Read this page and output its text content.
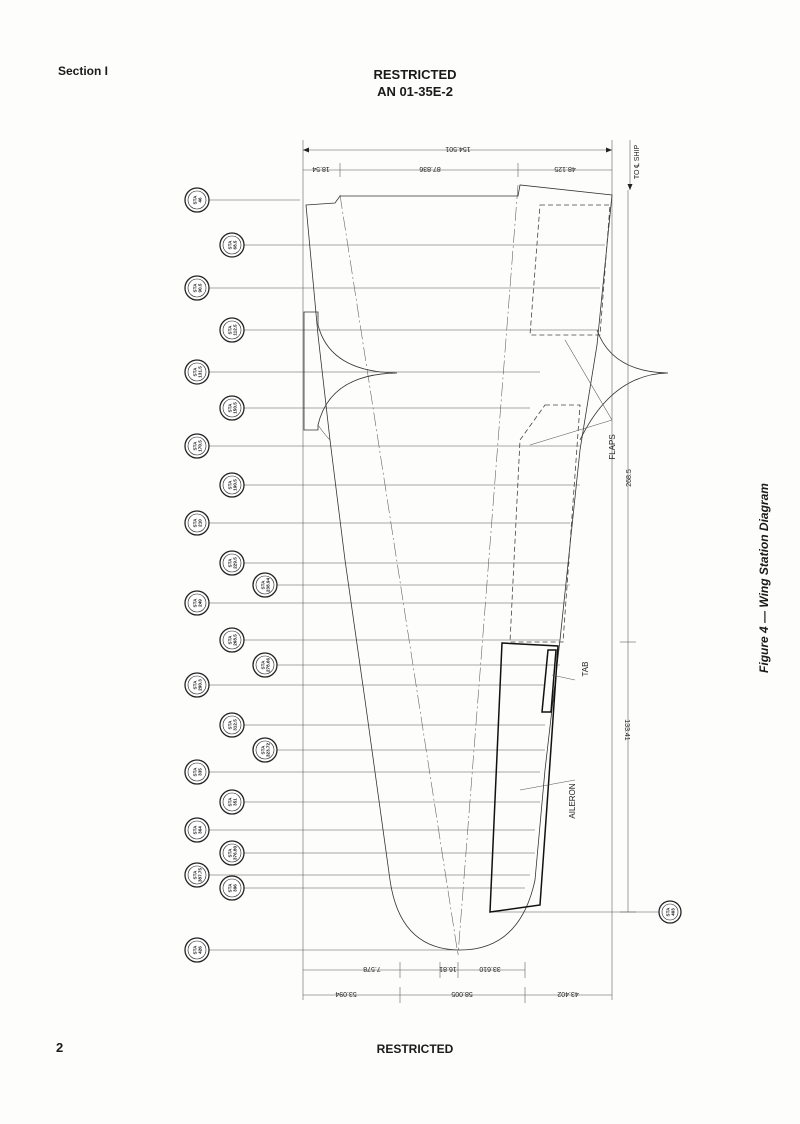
Section I	RESTRICTED
AN 01-35E-2
STA46
STA68.5
STA90.5
STA112.5
STA131.5
STA150.5
STA170.5
STA190.5
STA210
STA229.5
STA238.94
STA249
STA268.5
STA278.66
STA290.3
STA312.5
STA323.72
STA335
STA351
STA364
STA376.80
STA387.75
STA396
STA426
STA403
154.501
18.54	87.836	48.125	TO ℄ SHIP
7.578	16.81	33.610
53.094	58.005	43.402
268.5
133.41
FLAPS
TAB
AILERON
Figure 4 — Wing Station Diagram
2	RESTRICTED
